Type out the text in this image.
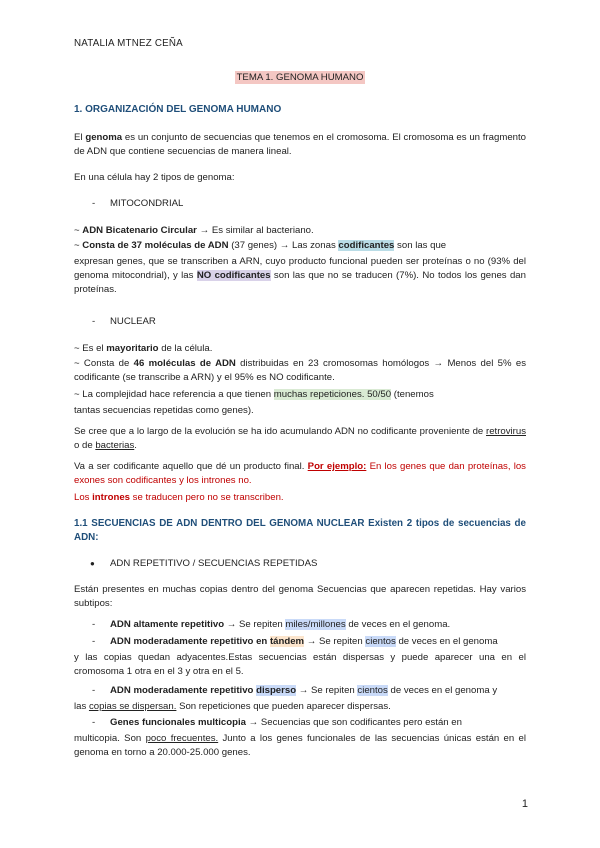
NATALIA MTNEZ CEÑA
TEMA 1. GENOMA HUMANO
1. ORGANIZACIÓN DEL GENOMA HUMANO
El genoma es un conjunto de secuencias que tenemos en el cromosoma. El cromosoma es un fragmento de ADN que contiene secuencias de manera lineal.
En una célula hay 2 tipos de genoma:
- MITOCONDRIAL
~ ADN Bicatenario Circular → Es similar al bacteriano.
~ Consta de 37 moléculas de ADN (37 genes) → Las zonas codificantes son las que
expresan genes, que se transcriben a ARN, cuyo producto funcional pueden ser proteínas o no (93% del genoma mitocondrial), y las NO codificantes son las que no se traducen (7%). No todos los genes dan proteínas.
- NUCLEAR
~ Es el mayoritario de la célula.
~ Consta de 46 moléculas de ADN distribuidas en 23 cromosomas homólogos → Menos del 5% es codificante (se transcribe a ARN) y el 95% es NO codificante.
~ La complejidad hace referencia a que tienen muchas repeticiones. 50/50 (tenemos
tantas secuencias repetidas como genes).
Se cree que a lo largo de la evolución se ha ido acumulando ADN no codificante proveniente de retrovirus o de bacterias.
Va a ser codificante aquello que dé un producto final. Por ejemplo: En los genes que dan proteínas, los exones son codificantes y los intrones no.
Los intrones se traducen pero no se transcriben.
1.1 SECUENCIAS DE ADN DENTRO DEL GENOMA NUCLEAR Existen 2 tipos de secuencias de ADN:
● ADN REPETITIVO / SECUENCIAS REPETIDAS
Están presentes en muchas copias dentro del genoma Secuencias que aparecen repetidas. Hay varios subtipos:
- ADN altamente repetitivo → Se repiten miles/millones de veces en el genoma.
- ADN moderadamente repetitivo en tándem → Se repiten cientos de veces en el genoma
y las copias quedan adyacentes.Estas secuencias están dispersas y puede aparecer una en el cromosoma 1 otra en el 3 y otra en el 5.
- ADN moderadamente repetitivo disperso → Se repiten cientos de veces en el genoma y
las copias se dispersan. Son repeticiones que pueden aparecer dispersas.
- Genes funcionales multicopia → Secuencias que son codificantes pero están en
multicopia. Son poco frecuentes. Junto a los genes funcionales de las secuencias únicas están en el genoma en torno a 20.000-25.000 genes.
1
